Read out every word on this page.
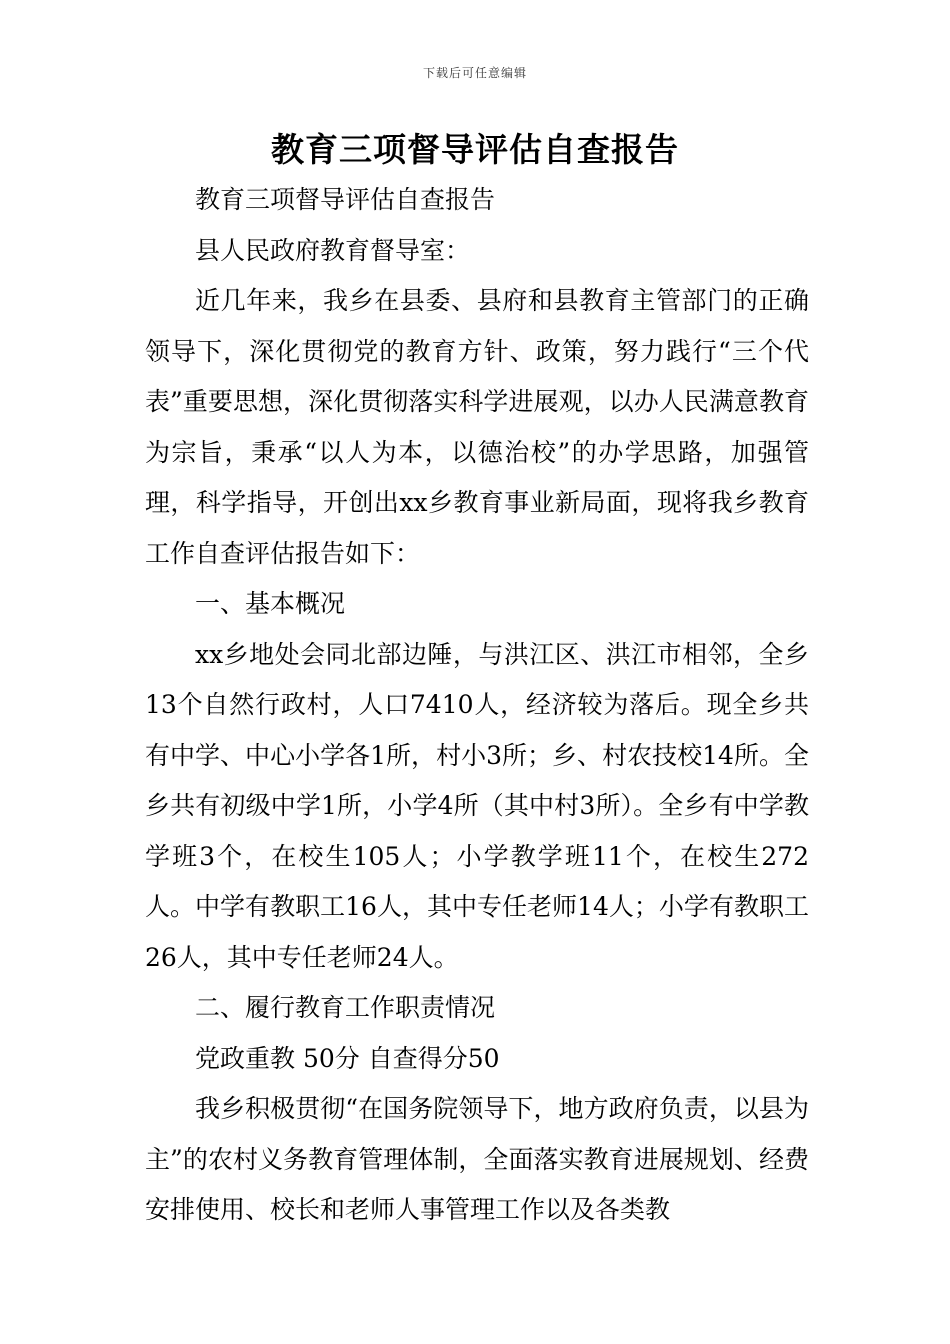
下载后可任意编辑
教育三项督导评估自查报告

教育三项督导评估自查报告

县人民政府教育督导室：

近几年来，我乡在县委、县府和县教育主管部门的正确领导下，深化贯彻党的教育方针、政策，努力践行“三个代表”重要思想，深化贯彻落实科学进展观，以办人民满意教育为宗旨，秉承“以人为本，以德治校”的办学思路，加强管理，科学指导，开创出xx乡教育事业新局面，现将我乡教育工作自查评估报告如下：

一、基本概况

xx乡地处会同北部边陲，与洪江区、洪江市相邻，全乡13个自然行政村，人口7410人，经济较为落后。现全乡共有中学、中心小学各1所，村小3所；乡、村农技校14所。全乡共有初级中学1所，小学4所（其中村3所）。全乡有中学教学班3个，在校生105人；小学教学班11个，在校生272人。中学有教职工16人，其中专任老师14人；小学有教职工26人，其中专任老师24人。

二、履行教育工作职责情况

党政重教 50分 自查得分50

我乡积极贯彻“在国务院领导下，地方政府负责，以县为主”的农村义务教育管理体制，全面落实教育进展规划、经费安排使用、校长和老师人事管理工作以及各类教
